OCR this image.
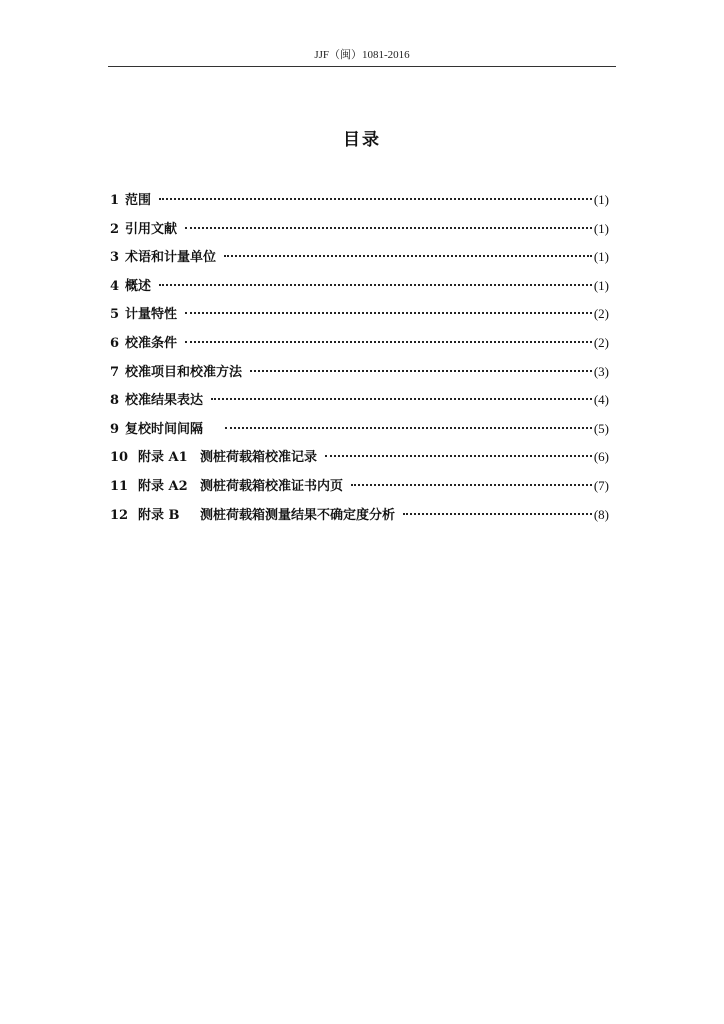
JJF（闽）1081-2016
目录
1 范围	(1)
2 引用文献	(1)
3 术语和计量单位	(1)
4 概述	(1)
5 计量特性	(2)
6 校准条件	(2)
7 校准项目和校准方法	(3)
8 校准结果表达	(4)
9 复校时间间隔	(5)
10 附录 A1 测桩荷载箱校准记录	(6)
11 附录 A2 测桩荷载箱校准证书内页	(7)
12 附录 B	测桩荷载箱测量结果不确定度分析	(8)
